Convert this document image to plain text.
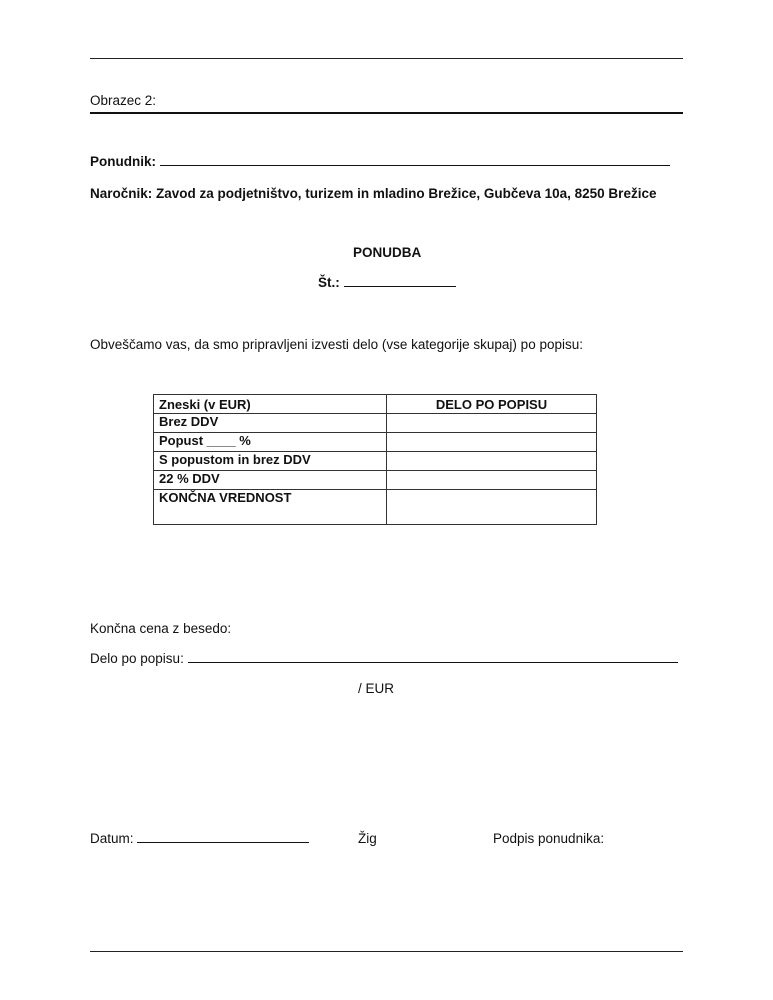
Obrazec 2:
Ponudnik:
Naročnik: Zavod za podjetništvo, turizem in mladino Brežice, Gubčeva 10a, 8250 Brežice
PONUDBA
Št.:
Obveščamo vas, da smo pripravljeni izvesti delo (vse kategorije skupaj) po popisu:
Zneski (v EUR)	DELO PO POPISU
Brez DDV	
Popust ____ %	
S popustom in brez DDV	
22 % DDV	
KONČNA VREDNOST	
Končna cena z besedo:
Delo po popisu:
/ EUR
Datum:	Žig	Podpis ponudnika:
